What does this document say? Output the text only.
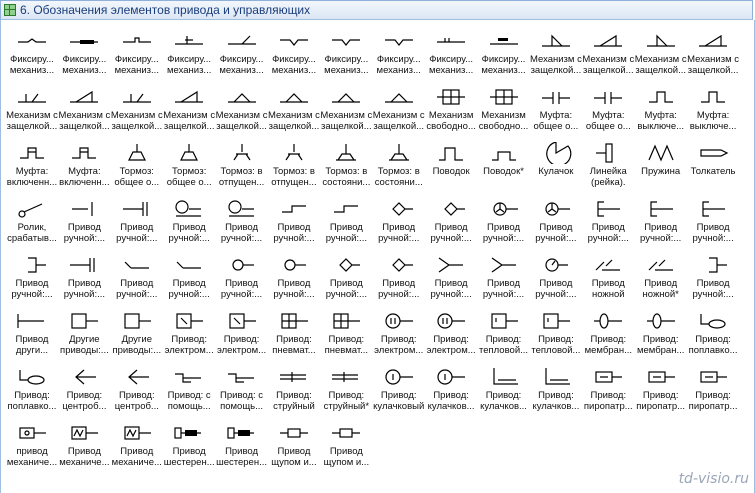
6. Обозначения элементов привода и управляющих
Фиксиру...
механиз...
Фиксиру...
механиз...
Фиксиру...
механиз...
Фиксиру...
механиз...
Фиксиру...
механиз...
Фиксиру...
механиз...
Фиксиру...
механиз...
Фиксиру...
механиз...
Фиксиру...
механиз...
Фиксиру...
механиз...
Механизм с
защелкой...
Механизм с
защелкой...
Механизм с
защелкой...
Механизм с
защелкой...
Механизм с
защелкой...
Механизм с
защелкой...
Механизм с
защелкой...
Механизм с
защелкой...
Механизм с
защелкой...
Механизм с
защелкой...
Механизм с
защелкой...
Механизм с
защелкой...
Механизм
свободно...
Механизм
свободно...
Муфта:
общее о...
Муфта:
общее о...
Муфта:
выключе...
Муфта:
выключе...
Муфта:
включенн...
Муфта:
включенн...
Тормоз:
общее о...
Тормоз:
общее о...
Тормоз: в
отпущен...
Тормоз: в
отпущен...
Тормоз: в
состояни...
Тормоз: в
состояни...
Поводок	Поводок*	Кулачок	Линейка
(рейка).
Пружина	Толкатель
Ролик,
срабатыв...
Привод
ручной:...
Привод
ручной:...
Привод
ручной:...
Привод
ручной:...
Привод
ручной:...
Привод
ручной:...
Привод
ручной:...
Привод
ручной:...
Привод
ручной:...
Привод
ручной:...
Привод
ручной:...
Привод
ручной:...
Привод
ручной:...
Привод
ручной:...
Привод
ручной:...
Привод
ручной:...
Привод
ручной:...
Привод
ручной:...
Привод
ручной:...
Привод
ручной:...
Привод
ручной:...
Привод
ручной:...
Привод
ручной:...
Привод
ручной:...
Привод
ножной
Привод
ножной*
Привод
ручной:...
Привод
други...
Другие
приводы:...
Другие
приводы:...
Привод:
электром...
Привод:
электром...
Привод:
пневмат...
Привод:
пневмат...
Привод:
электром...
Привод:
электром...
Привод:
тепловой...
Привод:
тепловой...
Привод:
мембран...
Привод:
мембран...
Привод:
поплавко...
Привод:
поплавко...
Привод:
центроб...
Привод:
центроб...
Привод: с
помощь...
Привод: с
помощь...
Привод:
струйный
Привод:
струйный*
Привод:
кулачковый
Привод:
кулачков...
Привод:
кулачков...
Привод:
кулачков...
Привод:
пиропатр...
Привод:
пиропатр...
Привод:
пиропатр...
привод
механиче...
Привод
механиче...
Привод
механиче...
Привод
шестерен...
Привод
шестерен...
Привод
щупом и...
Привод
щупом и...
td-visio.ru
